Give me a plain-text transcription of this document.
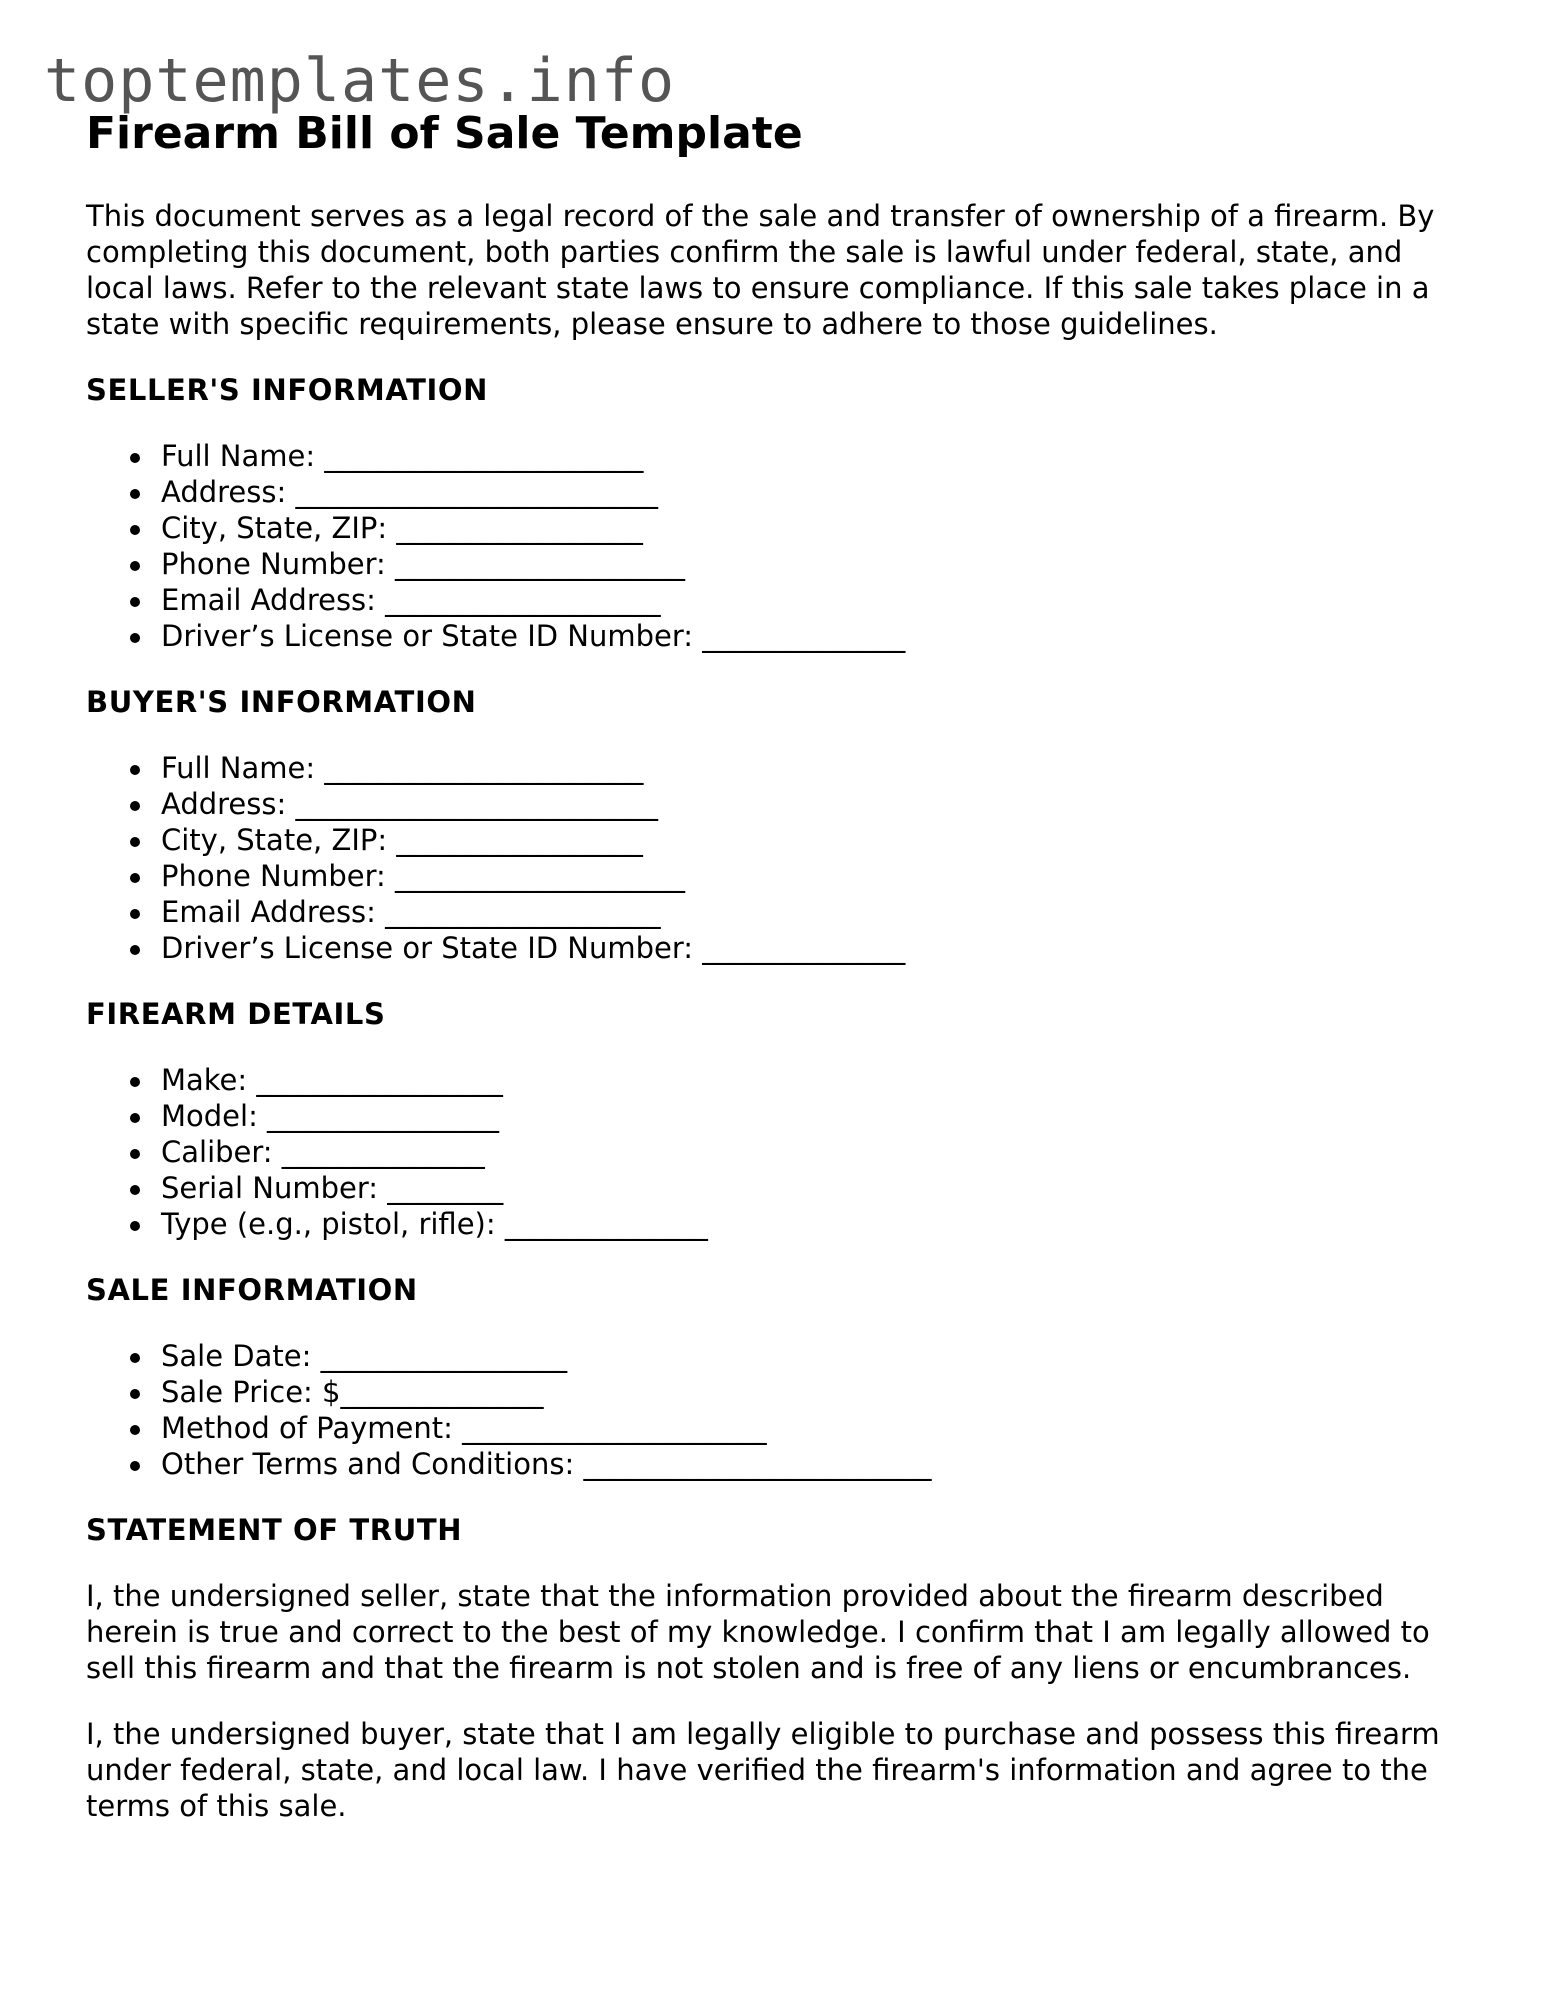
toptemplates.info
Firearm Bill of Sale Template

This document serves as a legal record of the sale and transfer of ownership of a firearm. By completing this document, both parties confirm the sale is lawful under federal, state, and local laws. Refer to the relevant state laws to ensure compliance. If this sale takes place in a state with specific requirements, please ensure to adhere to those guidelines.

SELLER'S INFORMATION
Full Name: ______________________
Address: _________________________
City, State, ZIP: _________________
Phone Number: ____________________
Email Address: ___________________
Driver’s License or State ID Number: ______________
BUYER'S INFORMATION
Full Name: ______________________
Address: _________________________
City, State, ZIP: _________________
Phone Number: ____________________
Email Address: ___________________
Driver’s License or State ID Number: ______________
FIREARM DETAILS
Make: _________________
Model: ________________
Caliber: ______________
Serial Number: ________
Type (e.g., pistol, rifle): ______________
SALE INFORMATION
Sale Date: _________________
Sale Price: $______________
Method of Payment: _____________________
Other Terms and Conditions: ________________________
STATEMENT OF TRUTH

I, the undersigned seller, state that the information provided about the firearm described herein is true and correct to the best of my knowledge. I confirm that I am legally allowed to sell this firearm and that the firearm is not stolen and is free of any liens or encumbrances.

I, the undersigned buyer, state that I am legally eligible to purchase and possess this firearm under federal, state, and local law. I have verified the firearm's information and agree to the terms of this sale.
